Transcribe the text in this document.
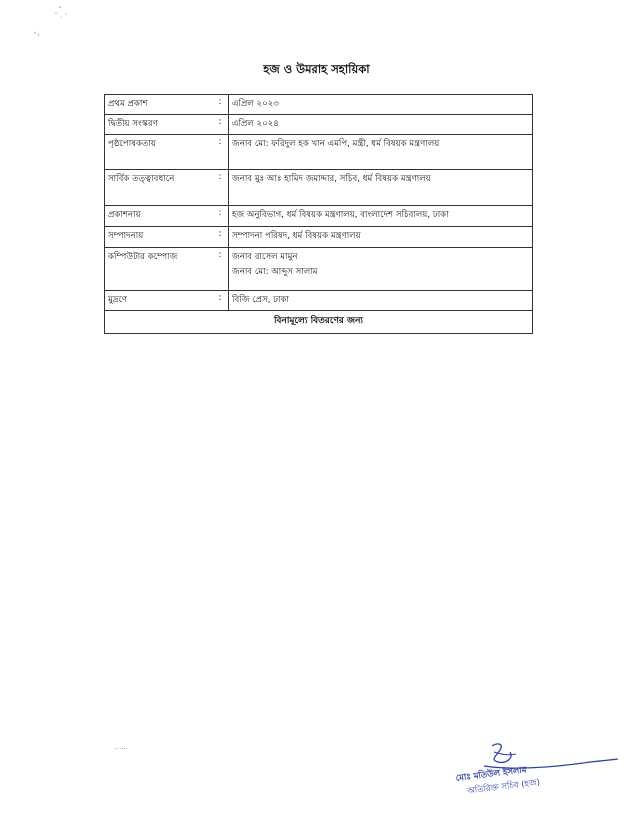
হজ ও উমরাহ সহায়িকা
প্রথম প্রকাশ	:	এপ্রিল ২০২৩

দ্বিতীয় সংস্করণ	:	এপ্রিল ২০২৪

পৃষ্ঠপোষকতায়	:	জনাব মো: ফরিদুল হক খান এমপি, মন্ত্রী, ধর্ম বিষয়ক মন্ত্রণালয়

সার্বিক তত্ত্বাবধানে	:	জনাব মুঃ আঃ হামিদ জমাদ্দার, সচিব, ধর্ম বিষয়ক মন্ত্রণালয়

প্রকাশনায়	:	হজ অনুবিভাগ, ধর্ম বিষয়ক মন্ত্রণালয়, বাংলাদেশ সচিবালয়, ঢাকা

সম্পাদনায়	:	সম্পাদনা পরিষদ, ধর্ম বিষয়ক মন্ত্রণালয়

কম্পিউটার কম্পোজ	:	জনাব রাসেল মামুন
জনাব মো: আব্দুস সালাম

মুদ্রণে	:	বিজি প্রেস, ঢাকা

বিনামূল্যে বিতরণের জন্য		
মোঃ মতিউল ইসলাম
অতিরিক্ত সচিব (হজ)
